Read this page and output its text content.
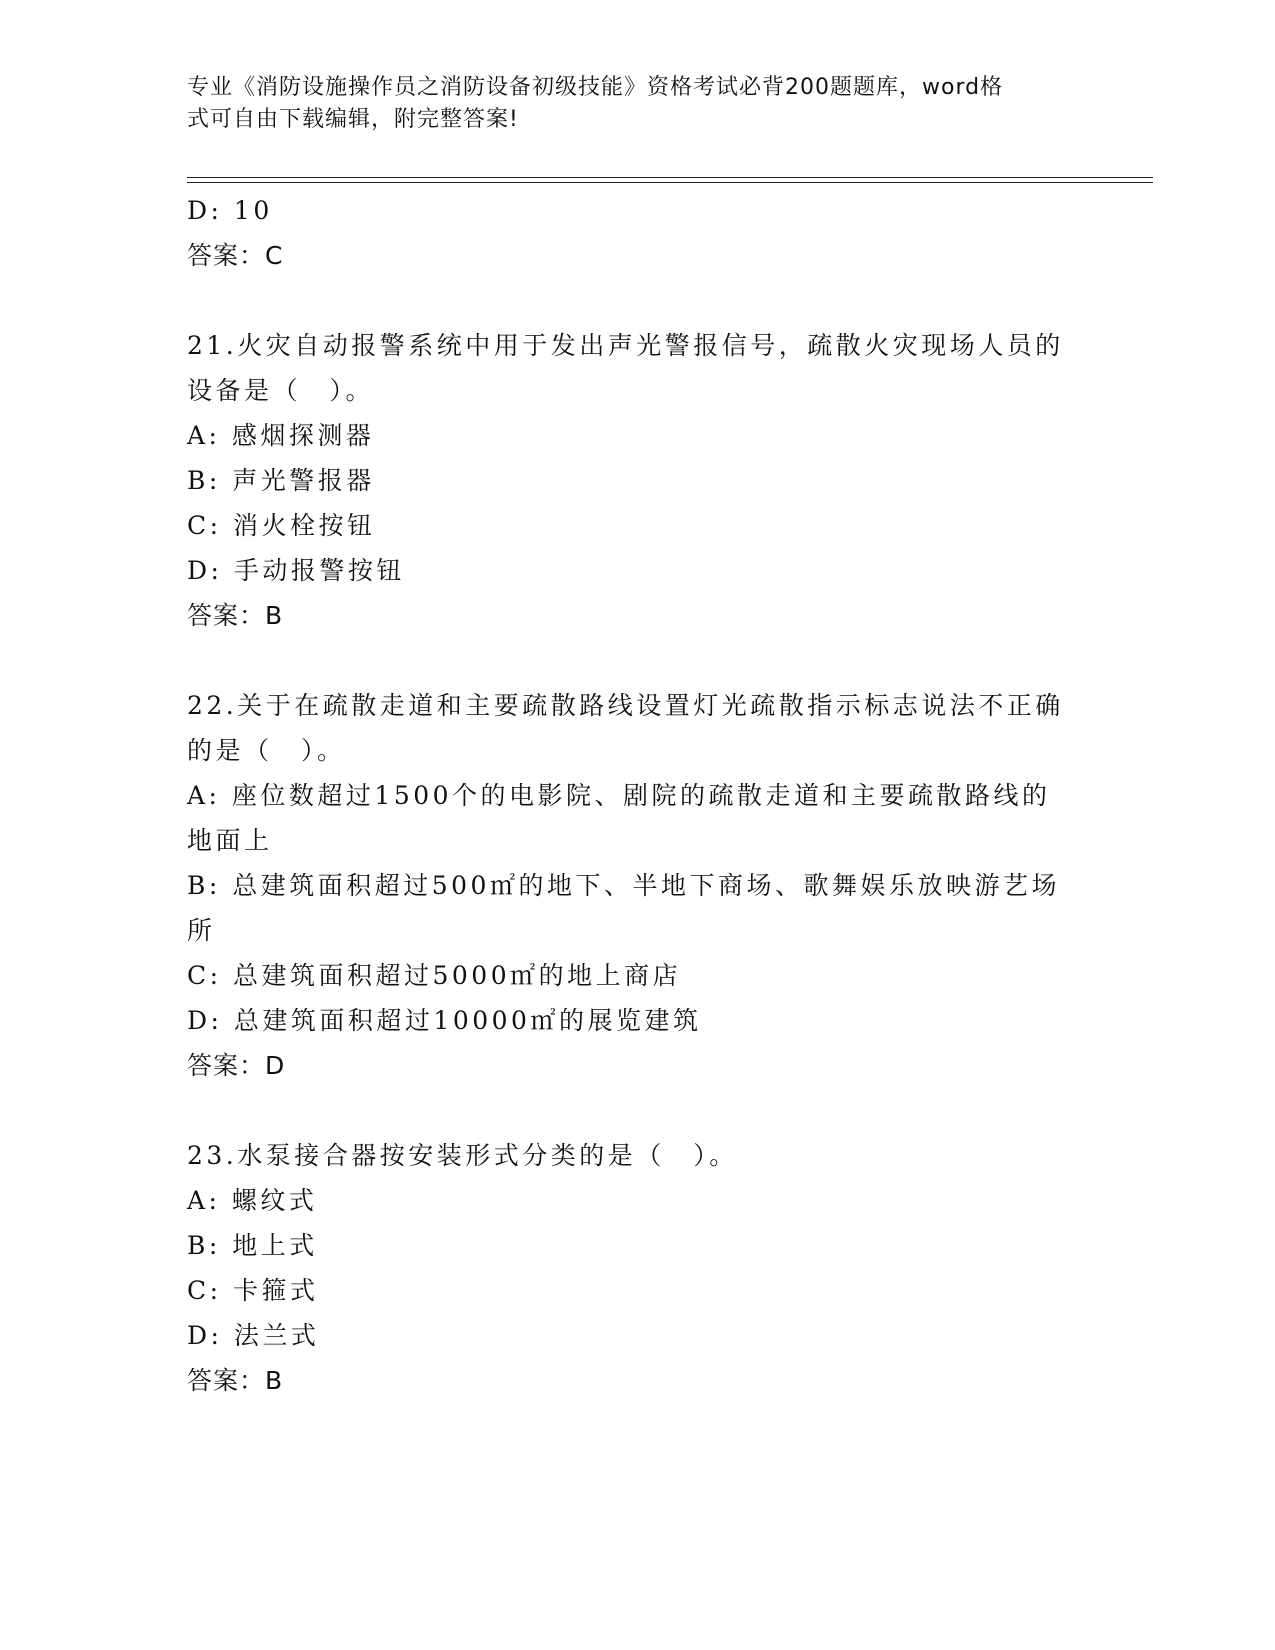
专业《消防设施操作员之消防设备初级技能》资格考试必背200题题库，word格
式可自由下载编辑，附完整答案!
D: 10
答案：C
21.火灾自动报警系统中用于发出声光警报信号，疏散火灾现场人员的
设备是（　）。
A: 感烟探测器
B: 声光警报器
C: 消火栓按钮
D: 手动报警按钮
答案：B
22.关于在疏散走道和主要疏散路线设置灯光疏散指示标志说法不正确
的是（　）。
A: 座位数超过1500个的电影院、剧院的疏散走道和主要疏散路线的
地面上
B: 总建筑面积超过500㎡的地下、半地下商场、歌舞娱乐放映游艺场
所
C: 总建筑面积超过5000㎡的地上商店
D: 总建筑面积超过10000㎡的展览建筑
答案：D
23.水泵接合器按安装形式分类的是（　）。
A: 螺纹式
B: 地上式
C: 卡箍式
D: 法兰式
答案：B
